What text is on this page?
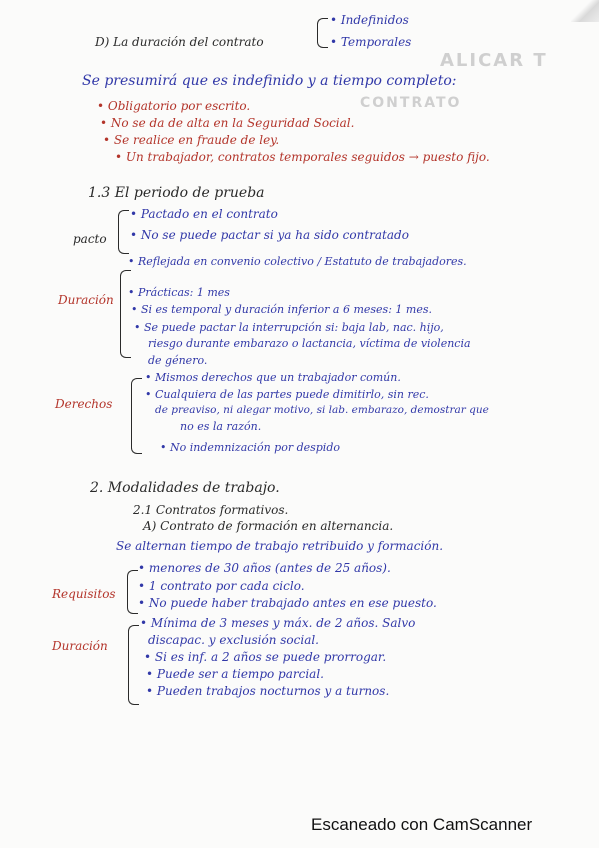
ALICAR T
CONTRATO
D) La duración del contrato
• Indefinidos
• Temporales
Se presumirá que es indefinido y a tiempo completo:
• Obligatorio por escrito.
• No se da de alta en la Seguridad Social.
• Se realice en fraude de ley.
• Un trabajador, contratos temporales seguidos → puesto fijo.
1.3 El periodo de prueba
pacto
• Pactado en el contrato
• No se puede pactar si ya ha sido contratado
Duración
• Reflejada en convenio colectivo / Estatuto de trabajadores.
• Prácticas: 1 mes
• Si es temporal y duración inferior a 6 meses: 1 mes.
• Se puede pactar la interrupción si: baja lab, nac. hijo,
riesgo durante embarazo o lactancia, víctima de violencia
de género.
Derechos
• Mismos derechos que un trabajador común.
• Cualquiera de las partes puede dimitirlo, sin rec.
de preaviso, ni alegar motivo, si lab. embarazo, demostrar que
no es la razón.
• No indemnización por despido
2. Modalidades de trabajo.
2.1 Contratos formativos.
A) Contrato de formación en alternancia.
Se alternan tiempo de trabajo retribuido y formación.
Requisitos
• menores de 30 años (antes de 25 años).
• 1 contrato por cada ciclo.
• No puede haber trabajado antes en ese puesto.
Duración
• Mínima de 3 meses y máx. de 2 años. Salvo
discapac. y exclusión social.
• Si es inf. a 2 años se puede prorrogar.
• Puede ser a tiempo parcial.
• Pueden trabajos nocturnos y a turnos.
Escaneado con CamScanner
